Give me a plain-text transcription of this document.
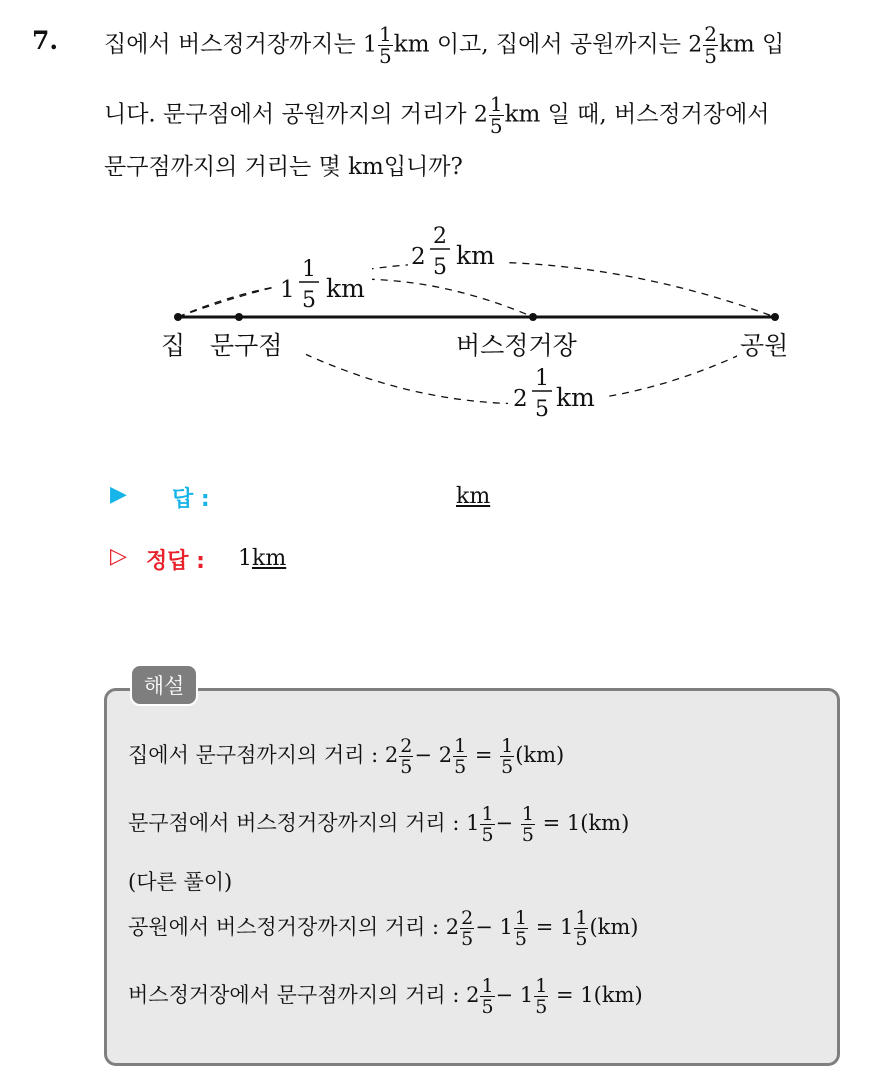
7. 집에서 버스정거장까지는 $1 \frac{1}{5}$ km 이고, 집에서 공원까지는 $2 \frac{2}{5}$ km 입
니다. 문구점에서 공원까지의 거리가 $2 \frac{1}{5}$ km 일 때, 버스정거장에서
문구점까지의 거리는 몇 km입니까?
집 문구점	버스정거장	공원
2
2
5 km
1
1
5 km
2
1
5 km
▶ 답 :	km
▷ 정답 : 1km
해설
집에서 문구점까지의 거리 : $2 \frac{2}{5} - 2 \frac{1}{5} = \frac{1}{5} (km)$
문구점에서 버스정거장까지의 거리 : $1 \frac{1}{5} - \frac{1}{5} = 1(km)$
(다른 풀이)
공원에서 버스정거장까지의 거리 : $2 \frac{2}{5} - 1 \frac{1}{5} = 1 \frac{1}{5} (km)$
버스정거장에서 문구점까지의 거리 : $2 \frac{1}{5} - 1 \frac{1}{5} = 1(km)$
